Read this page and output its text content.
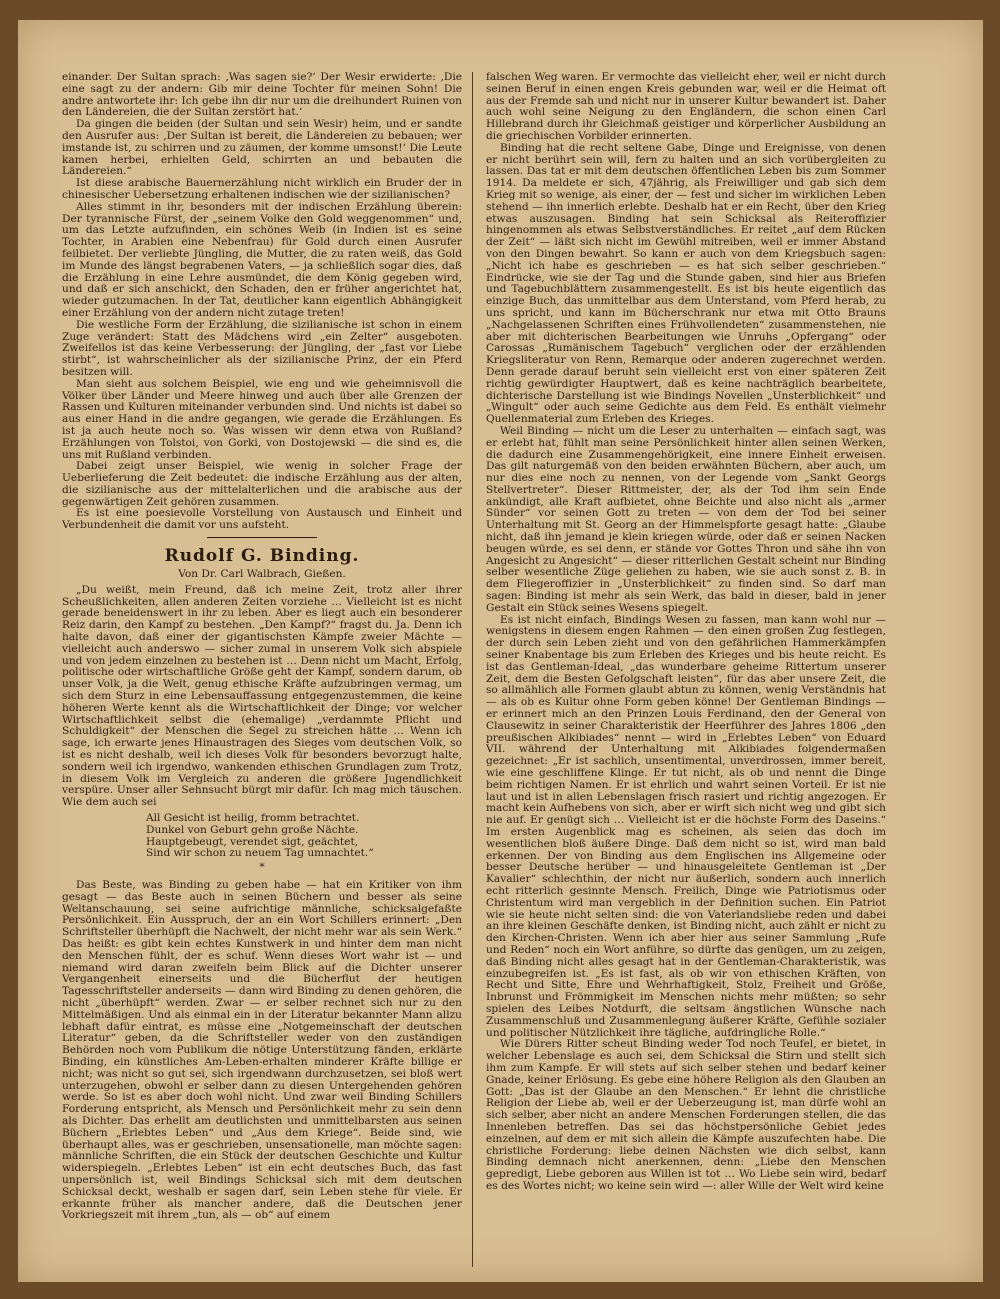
einander. Der Sultan sprach: ‚Was sagen sie?‘ Der Wesir erwiderte: ‚Die eine sagt zu der andern: Gib mir deine Tochter für meinen Sohn! Die andre antwortete ihr: Ich gebe ihn dir nur um die dreihundert Ruinen von den Ländereien, die der Sultan zerstört hat.‘

Da gingen die beiden (der Sultan und sein Wesir) heim, und er sandte den Ausrufer aus: ‚Der Sultan ist bereit, die Ländereien zu bebauen; wer imstande ist, zu schirren und zu zäumen, der komme umsonst!‘ Die Leute kamen herbei, erhielten Geld, schirrten an und bebauten die Ländereien.“

Ist diese arabische Bauernerzählung nicht wirklich ein Bruder der in chinesischer Uebersetzung erhaltenen indischen wie der sizilianischen?

Alles stimmt in ihr, besonders mit der indischen Erzählung überein: Der tyrannische Fürst, der „seinem Volke den Gold weggenommen“ und, um das Letzte aufzufinden, ein schönes Weib (in Indien ist es seine Tochter, in Arabien eine Nebenfrau) für Gold durch einen Ausrufer feilbietet. Der verliebte Jüngling, die Mutter, die zu raten weiß, das Gold im Munde des längst begrabenen Vaters, — ja schließlich sogar dies, daß die Erzählung in eine Lehre ausmündet, die dem König gegeben wird, und daß er sich anschickt, den Schaden, den er früher angerichtet hat, wieder gutzumachen. In der Tat, deutlicher kann eigentlich Abhängigkeit einer Erzählung von der andern nicht zutage treten!

Die westliche Form der Erzählung, die sizilianische ist schon in einem Zuge verändert: Statt des Mädchens wird „ein Zelter“ ausgeboten. Zweifellos ist das keine Verbesserung: der Jüngling, der „fast vor Liebe stirbt“, ist wahrscheinlicher als der sizilianische Prinz, der ein Pferd besitzen will.

Man sieht aus solchem Beispiel, wie eng und wie geheimnisvoll die Völker über Länder und Meere hinweg und auch über alle Grenzen der Rassen und Kulturen miteinander verbunden sind. Und nichts ist dabei so aus einer Hand in die andre gegangen, wie gerade die Erzählungen. Es ist ja auch heute noch so. Was wissen wir denn etwa von Rußland? Erzählungen von Tolstoi, von Gorki, von Dostojewski — die sind es, die uns mit Rußland verbinden.

Dabei zeigt unser Beispiel, wie wenig in solcher Frage der Ueberlieferung die Zeit bedeutet: die indische Erzählung aus der alten, die sizilianische aus der mittelalterlichen und die arabische aus der gegenwärtigen Zeit gehören zusammen.

Es ist eine poesievolle Vorstellung von Austausch und Einheit und Verbundenheit die damit vor uns aufsteht.

Rudolf G. Binding.
Von Dr. Carl Walbrach, Gießen.

„Du weißt, mein Freund, daß ich meine Zeit, trotz aller ihrer Scheußlichkeiten, allen anderen Zeiten vorziehe … Vielleicht ist es nicht gerade beneidenswert in ihr zu leben. Aber es liegt auch ein besonderer Reiz darin, den Kampf zu bestehen. „Den Kampf?“ fragst du. Ja. Denn ich halte davon, daß einer der gigantischsten Kämpfe zweier Mächte — vielleicht auch anderswo — sicher zumal in unserem Volk sich abspiele und von jedem einzelnen zu bestehen ist … Denn nicht um Macht, Erfolg, politische oder wirtschaftliche Größe geht der Kampf, sondern darum, ob unser Volk, ja die Welt, genug ethische Kräfte aufzubringen vermag, um sich dem Sturz in eine Lebensauffassung entgegenzustemmen, die keine höheren Werte kennt als die Wirtschaftlichkeit der Dinge; vor welcher Wirtschaftlichkeit selbst die (ehemalige) „verdammte Pflicht und Schuldigkeit“ der Menschen die Segel zu streichen hätte … Wenn ich sage, ich erwarte jenes Hinaustragen des Sieges vom deutschen Volk, so ist es nicht deshalb, weil ich dieses Volk für besonders bevorzugt halte, sondern weil ich irgendwo, wankenden ethischen Grundlagen zum Trotz, in diesem Volk im Vergleich zu anderen die größere Jugendlichkeit verspüre. Unser aller Sehnsucht bürgt mir dafür. Ich mag mich täuschen. Wie dem auch sei

All Gesicht ist heilig, fromm betrachtet.
Dunkel von Geburt gehn große Nächte.
Hauptgebeugt, verendet sigt, geächtet,
Sind wir schon zu neuem Tag umnachtet.“
*

Das Beste, was Binding zu geben habe — hat ein Kritiker von ihm gesagt — das Beste auch in seinen Büchern und besser als seine Weltanschauung, sei seine aufrichtige männliche, schicksalgefaßte Persönlichkeit. Ein Ausspruch, der an ein Wort Schillers erinnert: „Den Schriftsteller überhüpft die Nachwelt, der nicht mehr war als sein Werk.“ Das heißt: es gibt kein echtes Kunstwerk in und hinter dem man nicht den Menschen fühlt, der es schuf. Wenn dieses Wort wahr ist — und niemand wird daran zweifeln beim Blick auf die Dichter unserer Vergangenheit einerseits und die Bücherflut der heutigen Tagesschriftsteller anderseits — dann wird Binding zu denen gehören, die nicht „überhüpft“ werden. Zwar — er selber rechnet sich nur zu den Mittelmäßigen. Und als einmal ein in der Literatur bekannter Mann allzu lebhaft dafür eintrat, es müsse eine „Notgemeinschaft der deutschen Literatur“ geben, da die Schriftsteller weder von den zuständigen Behörden noch vom Publikum die nötige Unterstützung fänden, erklärte Binding, ein künstliches Am-Leben-erhalten minderer Kräfte billige er nicht; was nicht so gut sei, sich irgendwann durchzusetzen, sei bloß wert unterzugehen, obwohl er selber dann zu diesen Untergehenden gehören werde. So ist es aber doch wohl nicht. Und zwar weil Binding Schillers Forderung entspricht, als Mensch und Persönlichkeit mehr zu sein denn als Dichter. Das erhellt am deutlichsten und unmittelbarsten aus seinen Büchern „Erlebtes Leben“ und „Aus dem Kriege“. Beide sind, wie überhaupt alles, was er geschrieben, unsensationelle, man möchte sagen: männliche Schriften, die ein Stück der deutschen Geschichte und Kultur widerspiegeln. „Erlebtes Leben“ ist ein echt deutsches Buch, das fast unpersönlich ist, weil Bindings Schicksal sich mit dem deutschen Schicksal deckt, weshalb er sagen darf, sein Leben stehe für viele. Er erkannte früher als mancher andere, daß die Deutschen jener Vorkriegszeit mit ihrem „tun, als — ob“ auf einem

falschen Weg waren. Er vermochte das vielleicht eher, weil er nicht durch seinen Beruf in einen engen Kreis gebunden war, weil er die Heimat oft aus der Fremde sah und nicht nur in unserer Kultur bewandert ist. Daher auch wohl seine Neigung zu den Engländern, die schon einen Carl Hillebrand durch ihr Gleichmaß geistiger und körperlicher Ausbildung an die griechischen Vorbilder erinnerten.

Binding hat die recht seltene Gabe, Dinge und Ereignisse, von denen er nicht berührt sein will, fern zu halten und an sich vorübergleiten zu lassen. Das tat er mit dem deutschen öffentlichen Leben bis zum Sommer 1914. Da meldete er sich, 47jährig, als Freiwilliger und gab sich dem Krieg mit so wenige, als einer, der — fest und sicher im wirklichen Leben stehend — ihn innerlich erlebte. Deshalb hat er ein Recht, über den Krieg etwas auszusagen. Binding hat sein Schicksal als Reiteroffizier hingenommen als etwas Selbstverständliches. Er reitet „auf dem Rücken der Zeit“ — läßt sich nicht im Gewühl mitreiben, weil er immer Abstand von den Dingen bewahrt. So kann er auch von dem Kriegsbuch sagen: „Nicht ich habe es geschrieben — es hat sich selber geschrieben.“ Eindrücke, wie sie der Tag und die Stunde gaben, sind hier aus Briefen und Tagebuchblättern zusammengestellt. Es ist bis heute eigentlich das einzige Buch, das unmittelbar aus dem Unterstand, vom Pferd herab, zu uns spricht, und kann im Bücherschrank nur etwa mit Otto Brauns „Nachgelassenen Schriften eines Frühvollendeten“ zusammenstehen, nie aber mit dichterischen Bearbeitungen wie Unruhs „Opfergang“ oder Carossas „Rumänischem Tagebuch“ verglichen oder der erzählenden Kriegsliteratur von Renn, Remarque oder anderen zugerechnet werden. Denn gerade darauf beruht sein vielleicht erst von einer späteren Zeit richtig gewürdigter Hauptwert, daß es keine nachträglich bearbeitete, dichterische Darstellung ist wie Bindings Novellen „Unsterblichkeit“ und „Wingult“ oder auch seine Gedichte aus dem Feld. Es enthält vielmehr Quellenmaterial zum Erleben des Krieges.

Weil Binding — nicht um die Leser zu unterhalten — einfach sagt, was er erlebt hat, fühlt man seine Persönlichkeit hinter allen seinen Werken, die dadurch eine Zusammengehörigkeit, eine innere Einheit erweisen. Das gilt naturgemäß von den beiden erwähnten Büchern, aber auch, um nur dies eine noch zu nennen, von der Legende vom „Sankt Georgs Stellvertreter“. Dieser Rittmeister, der, als der Tod ihm sein Ende ankündigt, alle Kraft aufbietet, ohne Beichte und also nicht als „armer Sünder“ vor seinen Gott zu treten — von dem der Tod bei seiner Unterhaltung mit St. Georg an der Himmelspforte gesagt hatte: „Glaube nicht, daß ihn jemand je klein kriegen würde, oder daß er seinen Nacken beugen würde, es sei denn, er stände vor Gottes Thron und sähe ihn von Angesicht zu Angesicht“ — dieser ritterlichen Gestalt scheint nur Binding selber wesentliche Züge geliehen zu haben, wie sie auch sonst z. B. in dem Fliegeroffizier in „Unsterblichkeit“ zu finden sind. So darf man sagen: Binding ist mehr als sein Werk, das bald in dieser, bald in jener Gestalt ein Stück seines Wesens spiegelt.

Es ist nicht einfach, Bindings Wesen zu fassen, man kann wohl nur — wenigstens in diesem engen Rahmen — den einen großen Zug festlegen, der durch sein Leben zieht und von den gefährlichen Hammerkämpfen seiner Knabentage bis zum Erleben des Krieges und bis heute reicht. Es ist das Gentleman-Ideal, „das wunderbare geheime Rittertum unserer Zeit, dem die Besten Gefolgschaft leisten“, für das aber unsere Zeit, die so allmählich alle Formen glaubt abtun zu können, wenig Verständnis hat — als ob es Kultur ohne Form geben könne! Der Gentleman Bindings — er erinnert mich an den Prinzen Louis Ferdinand, den der General von Clausewitz in seiner Charakteristik der Heerführer des Jahres 1806 „den preußischen Alkibiades“ nennt — wird in „Erlebtes Leben“ von Eduard VII. während der Unterhaltung mit Alkibiades folgendermaßen gezeichnet: „Er ist sachlich, unsentimental, unverdrossen, immer bereit, wie eine geschliffene Klinge. Er tut nicht, als ob und nennt die Dinge beim richtigen Namen. Er ist ehrlich und wahrt seinen Vorteil. Er ist nie laut und ist in allen Lebenslagen frisch rasiert und richtig angezogen. Er macht kein Aufhebens von sich, aber er wirft sich nicht weg und gibt sich nie auf. Er genügt sich … Vielleicht ist er die höchste Form des Daseins.“ Im ersten Augenblick mag es scheinen, als seien das doch im wesentlichen bloß äußere Dinge. Daß dem nicht so ist, wird man bald erkennen. Der von Binding aus dem Englischen ins Allgemeine oder besser Deutsche herüber — und hinausgeleitete Gentleman ist „Der Kavalier“ schlechthin, der nicht nur äußerlich, sondern auch innerlich echt ritterlich gesinnte Mensch. Freilich, Dinge wie Patriotismus oder Christentum wird man vergeblich in der Definition suchen. Ein Patriot wie sie heute nicht selten sind: die von Vaterlandsliebe reden und dabei an ihre kleinen Geschäfte denken, ist Binding nicht, auch zählt er nicht zu den Kirchen-Christen. Wenn ich aber hier aus seiner Sammlung „Rufe und Reden“ noch ein Wort anführe, so dürfte das genügen, um zu zeigen, daß Binding nicht alles gesagt hat in der Gentleman-Charakteristik, was einzubegreifen ist. „Es ist fast, als ob wir von ethischen Kräften, von Recht und Sitte, Ehre und Wehrhaftigkeit, Stolz, Freiheit und Größe, Inbrunst und Frömmigkeit im Menschen nichts mehr müßten; so sehr spielen des Leibes Notdurft, die seltsam ängstlichen Wünsche nach Zusammenschluß und Zusammenlegung äußerer Kräfte, Gefühle sozialer und politischer Nützlichkeit ihre tägliche, aufdringliche Rolle.“

Wie Dürers Ritter scheut Binding weder Tod noch Teufel, er bietet, in welcher Lebenslage es auch sei, dem Schicksal die Stirn und stellt sich ihm zum Kampfe. Er will stets auf sich selber stehen und bedarf keiner Gnade, keiner Erlösung. Es gebe eine höhere Religion als den Glauben an Gott: „Das ist der Glaube an den Menschen.“ Er lehnt die christliche Religion der Liebe ab, weil er der Ueberzeugung ist, man dürfe wohl an sich selber, aber nicht an andere Menschen Forderungen stellen, die das Innenleben betreffen. Das sei das höchstpersönliche Gebiet jedes einzelnen, auf dem er mit sich allein die Kämpfe auszufechten habe. Die christliche Forderung: liebe deinen Nächsten wie dich selbst, kann Binding demnach nicht anerkennen, denn: „Liebe den Menschen gepredigt, Liebe geboren aus Willen ist tot … Wo Liebe sein wird, bedarf es des Wortes nicht; wo keine sein wird —: aller Wille der Welt wird keine
